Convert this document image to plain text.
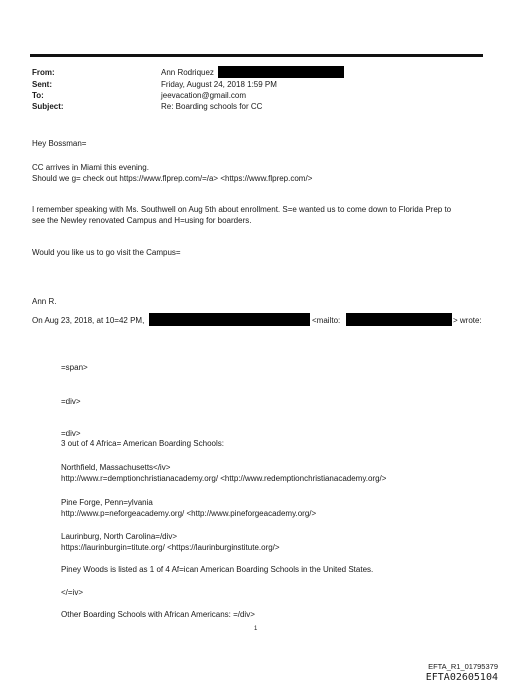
From:	Ann Rodriquez
Sent:	Friday, August 24, 2018 1:59 PM
To:	jeevacation@gmail.com
Subject:	Re: Boarding schools for CC
Hey Bossman=
CC arrives in Miami this evening.
Should we g= check out https://www.flprep.com/=/a> <https://www.flprep.com/>
I remember speaking with Ms. Southwell on Aug 5th about enrollment. S=e wanted us to come down to Florida Prep to
see the Newley renovated Campus and H=using for boarders.
Would you like us to go visit the Campus=
Ann R.
On Aug 23, 2018, at 10=42 PM,	<mailto:	> wrote:
=span>
=div>
=div>
3 out of 4 Africa= American Boarding Schools:
Northfield, Massachusetts</iv>
http://www.r=demptionchristianacademy.org/ <http://www.redemptionchristianacademy.org/>
Pine Forge, Penn=ylvania
http://www.p=neforgeacademy.org/ <http://www.pineforgeacademy.org/>
Laurinburg, North Carolina=/div>
https://laurinburgin=titute.org/ <https://laurinburginstitute.org/>
Piney Woods is listed as 1 of 4 Af=ican American Boarding Schools in the United States.
</=iv>
Other Boarding Schools with African Americans: =/div>
1
EFTA_R1_01795379
EFTA02605104
